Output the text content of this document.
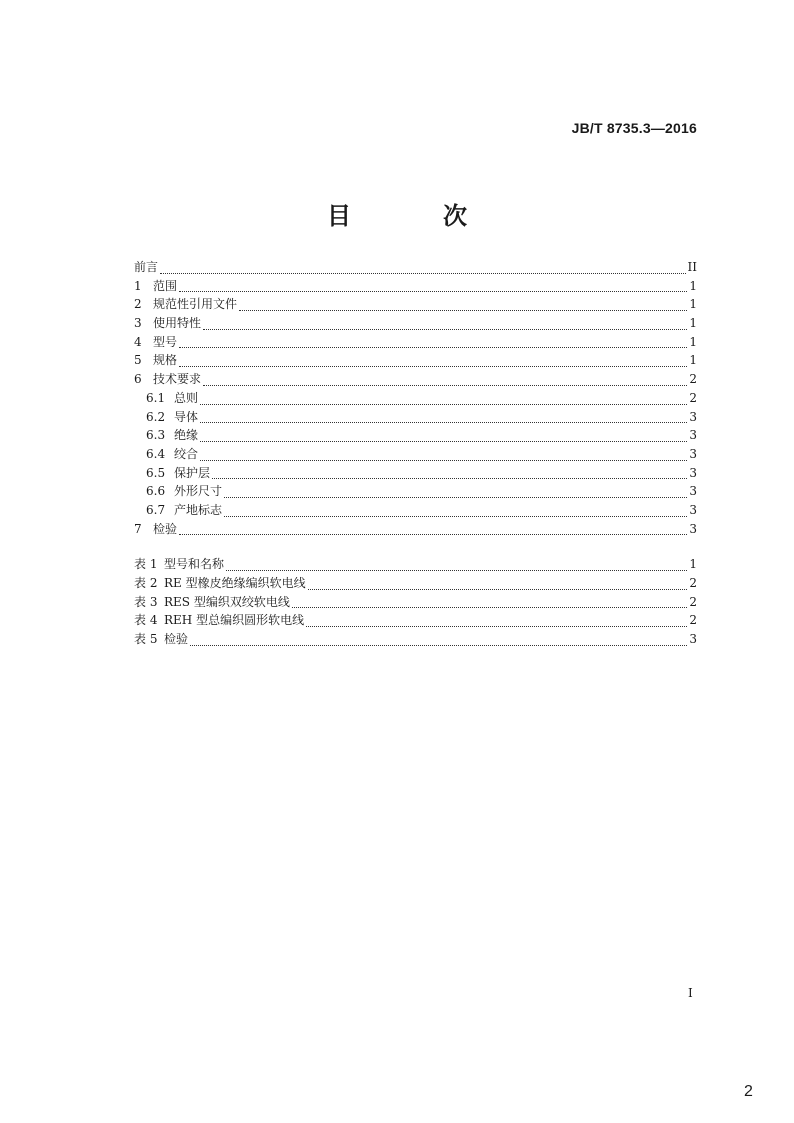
JB/T 8735.3—2016
目　次
前言	II
1 范围	1
2 规范性引用文件	1
3 使用特性	1
4 型号	1
5 规格	1
6 技术要求	2
6.1 总则	2
6.2 导体	3
6.3 绝缘	3
6.4 绞合	3
6.5 保护层	3
6.6 外形尺寸	3
6.7 产地标志	3
7 检验	3
表 1 型号和名称	1
表 2 RE 型橡皮绝缘编织软电线	2
表 3 RES 型编织双绞软电线	2
表 4 REH 型总编织圆形软电线	2
表 5 检验	3
I
2
